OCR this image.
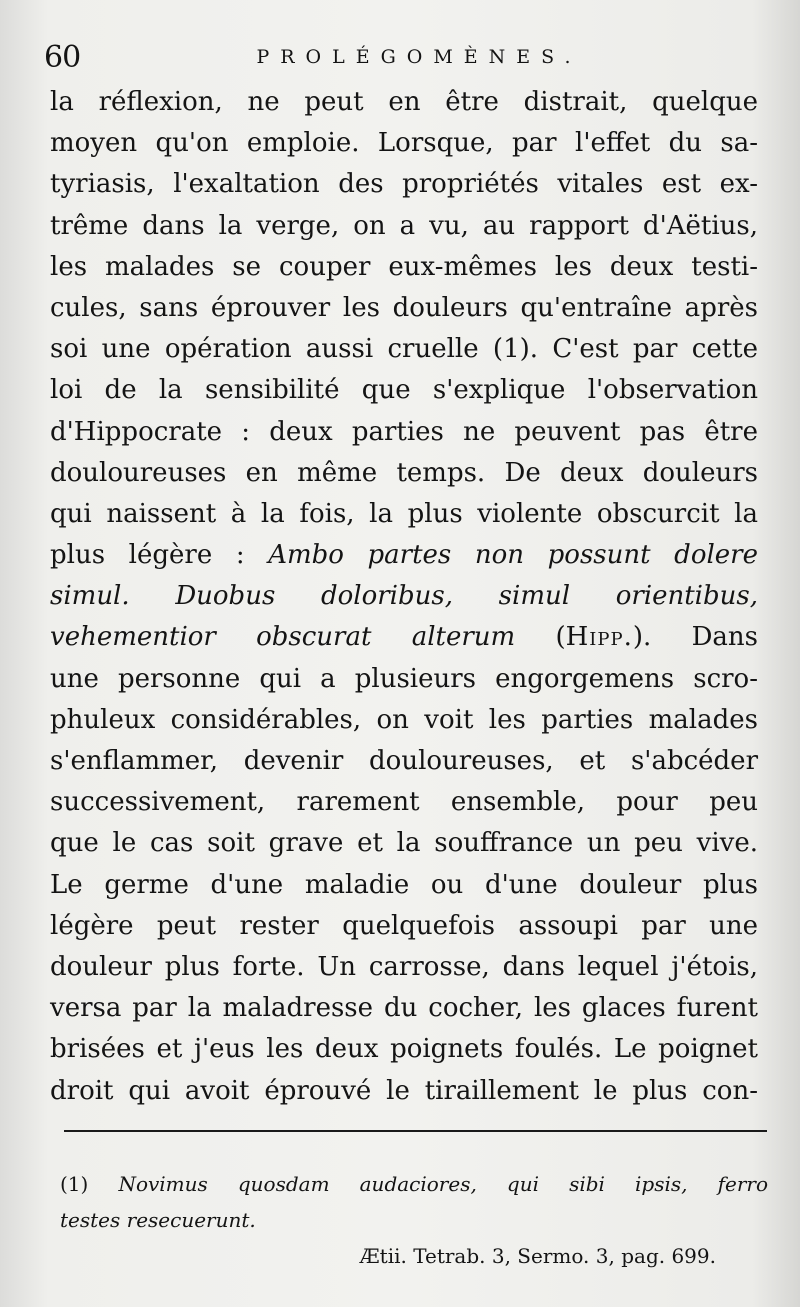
60	PROLÉGOMÈNES.
la réflexion, ne peut en être distrait, quelque
moyen qu'on emploie. Lorsque, par l'effet du sa-
tyriasis, l'exaltation des propriétés vitales est ex-
trême dans la verge, on a vu, au rapport d'Aëtius,
les malades se couper eux-mêmes les deux testi-
cules, sans éprouver les douleurs qu'entraîne après
soi une opération aussi cruelle (1). C'est par cette
loi de la sensibilité que s'explique l'observation
d'Hippocrate : deux parties ne peuvent pas être
douloureuses en même temps. De deux douleurs
qui naissent à la fois, la plus violente obscurcit la
plus légère : Ambo partes non possunt dolere
simul. Duobus doloribus, simul orientibus,
vehementior obscurat alterum (Hipp.). Dans
une personne qui a plusieurs engorgemens scro-
phuleux considérables, on voit les parties malades
s'enflammer, devenir douloureuses, et s'abcéder
successivement, rarement ensemble, pour peu
que le cas soit grave et la souffrance un peu vive.
Le germe d'une maladie ou d'une douleur plus
légère peut rester quelquefois assoupi par une
douleur plus forte. Un carrosse, dans lequel j'étois,
versa par la maladresse du cocher, les glaces furent
brisées et j'eus les deux poignets foulés. Le poignet
droit qui avoit éprouvé le tiraillement le plus con-
(1) Novimus quosdam audaciores, qui sibi ipsis, ferro
testes resecuerunt.
Ætii. Tetrab. 3, Sermo. 3, pag. 699.
